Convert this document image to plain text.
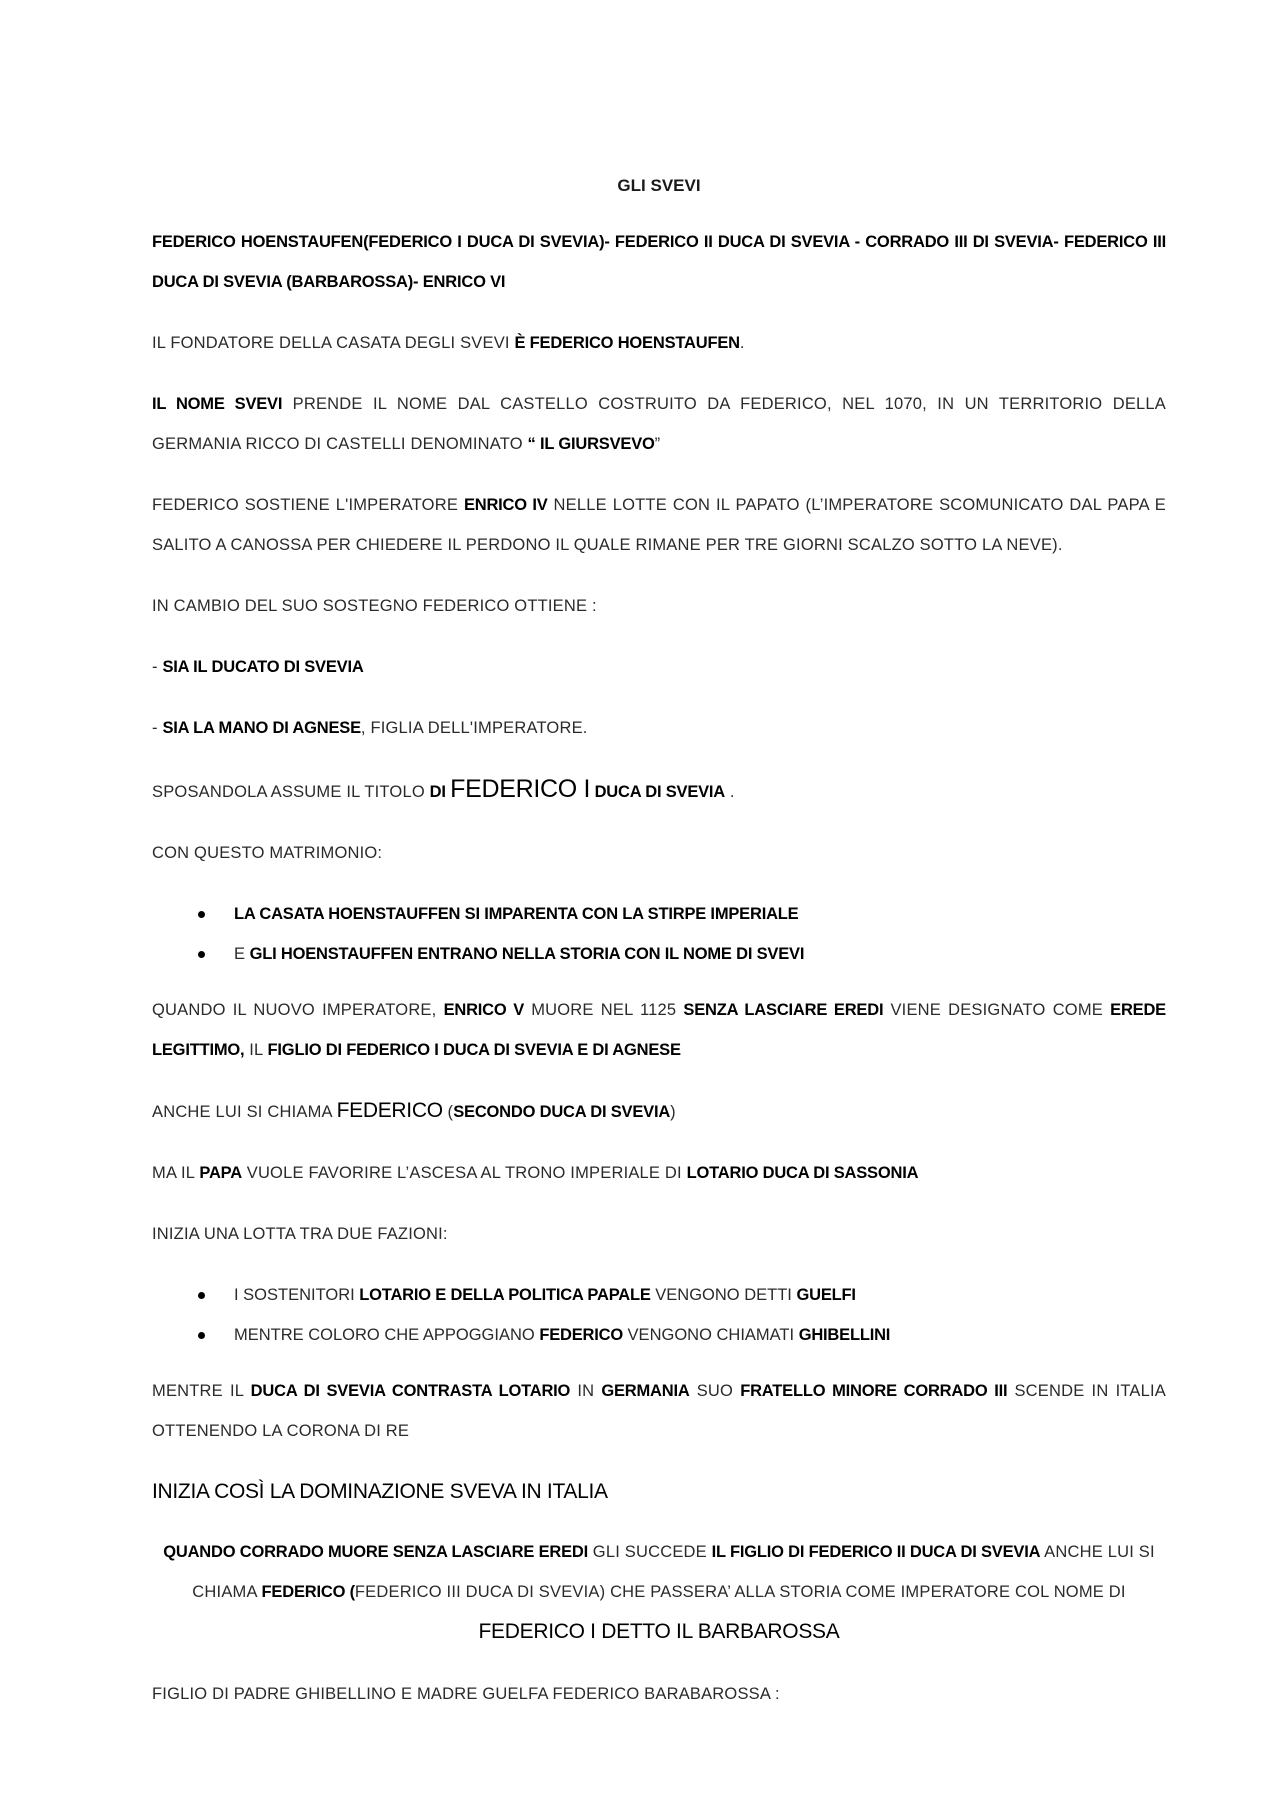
GLI SVEVI

FEDERICO HOENSTAUFEN(FEDERICO I DUCA DI SVEVIA)- FEDERICO II DUCA DI SVEVIA - CORRADO III DI SVEVIA- FEDERICO III DUCA DI SVEVIA (BARBAROSSA)- ENRICO VI

IL FONDATORE DELLA CASATA DEGLI SVEVI È FEDERICO HOENSTAUFEN.

IL NOME SVEVI PRENDE IL NOME DAL CASTELLO COSTRUITO DA FEDERICO, NEL 1070, IN UN TERRITORIO DELLA GERMANIA RICCO DI CASTELLI DENOMINATO “ IL GIURSVEVO”

FEDERICO SOSTIENE L'IMPERATORE ENRICO IV NELLE LOTTE CON IL PAPATO (L’IMPERATORE SCOMUNICATO DAL PAPA E SALITO A CANOSSA PER CHIEDERE IL PERDONO IL QUALE RIMANE PER TRE GIORNI SCALZO SOTTO LA NEVE).

IN CAMBIO DEL SUO SOSTEGNO FEDERICO OTTIENE :

- SIA IL DUCATO DI SVEVIA

- SIA LA MANO DI AGNESE, FIGLIA DELL'IMPERATORE.

SPOSANDOLA ASSUME IL TITOLO DI FEDERICO I DUCA DI SVEVIA .

CON QUESTO MATRIMONIO:

LA CASATA HOENSTAUFFEN SI IMPARENTA CON LA STIRPE IMPERIALE
E GLI HOENSTAUFFEN ENTRANO NELLA STORIA CON IL NOME DI SVEVI

QUANDO IL NUOVO IMPERATORE, ENRICO V MUORE NEL 1125 SENZA LASCIARE EREDI VIENE DESIGNATO COME EREDE LEGITTIMO, IL FIGLIO DI FEDERICO I DUCA DI SVEVIA E DI AGNESE

ANCHE LUI SI CHIAMA FEDERICO (SECONDO DUCA DI SVEVIA)

MA IL PAPA VUOLE FAVORIRE L’ASCESA AL TRONO IMPERIALE DI LOTARIO DUCA DI SASSONIA

INIZIA UNA LOTTA TRA DUE FAZIONI:

I SOSTENITORI LOTARIO E DELLA POLITICA PAPALE VENGONO DETTI GUELFI
MENTRE COLORO CHE APPOGGIANO FEDERICO VENGONO CHIAMATI GHIBELLINI

MENTRE IL DUCA DI SVEVIA CONTRASTA LOTARIO IN GERMANIA SUO FRATELLO MINORE CORRADO III SCENDE IN ITALIA OTTENENDO LA CORONA DI RE

INIZIA COSÌ LA DOMINAZIONE SVEVA IN ITALIA

QUANDO CORRADO MUORE SENZA LASCIARE EREDI GLI SUCCEDE IL FIGLIO DI FEDERICO II DUCA DI SVEVIA ANCHE LUI SI CHIAMA FEDERICO (FEDERICO III DUCA DI SVEVIA) CHE PASSERA’ ALLA STORIA COME IMPERATORE COL NOME DI FEDERICO I DETTO IL BARBAROSSA

FIGLIO DI PADRE GHIBELLINO E MADRE GUELFA FEDERICO BARABAROSSA :
